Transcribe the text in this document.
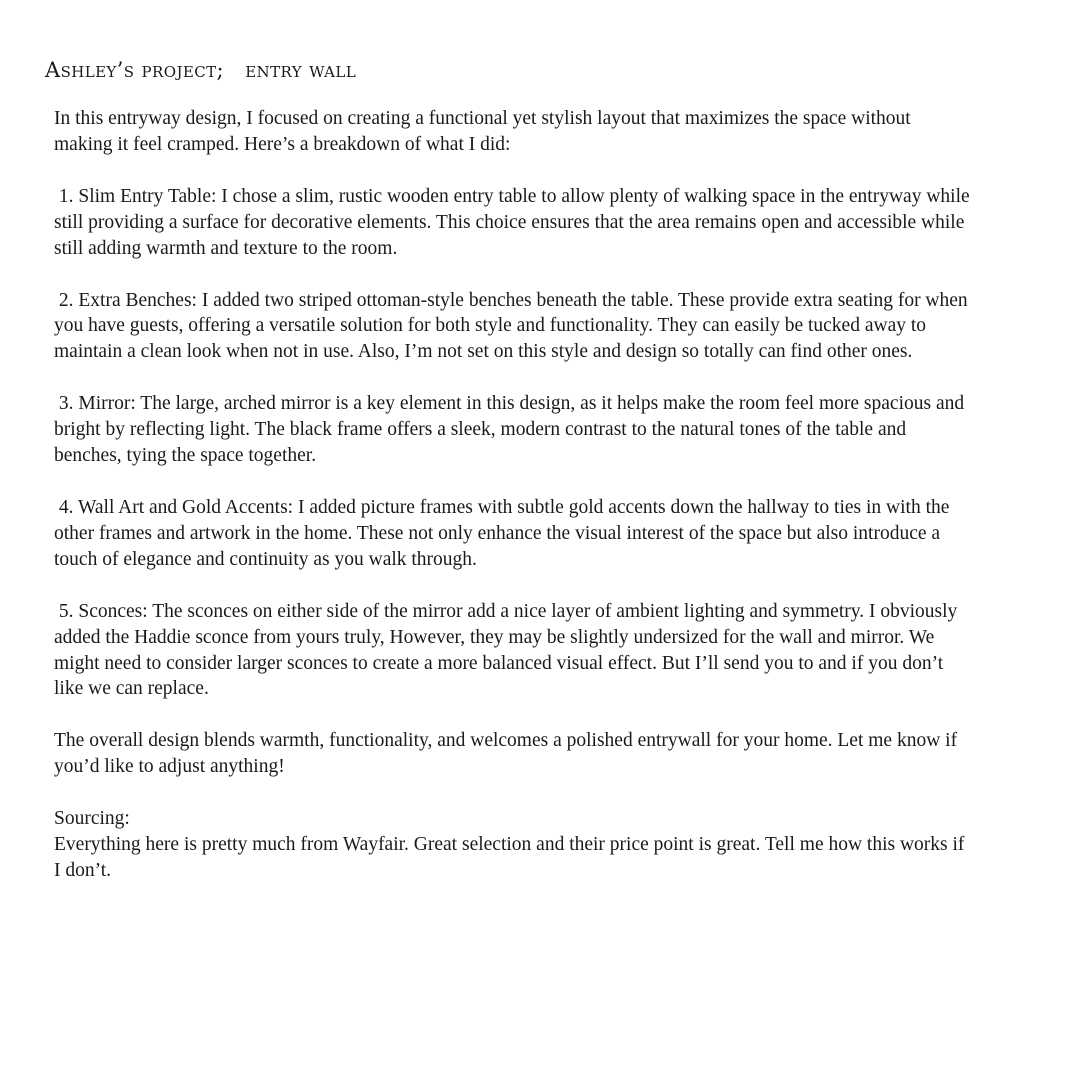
Ashley’s project;   entry wall

In this entryway design, I focused on creating a functional yet stylish layout that maximizes the space without making it feel cramped. Here’s a breakdown of what I did:

1. Slim Entry Table: I chose a slim, rustic wooden entry table to allow plenty of walking space in the entryway while still providing a surface for decorative elements. This choice ensures that the area remains open and accessible while still adding warmth and texture to the room.

2. Extra Benches: I added two striped ottoman-style benches beneath the table. These provide extra seating for when you have guests, offering a versatile solution for both style and functionality. They can easily be tucked away to maintain a clean look when not in use. Also, I’m not set on this style and design so totally can find other ones.

3. Mirror: The large, arched mirror is a key element in this design, as it helps make the room feel more spacious and bright by reflecting light. The black frame offers a sleek, modern contrast to the natural tones of the table and benches, tying the space together.

4. Wall Art and Gold Accents: I added picture frames with subtle gold accents down the hallway to ties in with the other frames and artwork in the home. These not only enhance the visual interest of the space but also introduce a touch of elegance and continuity as you walk through.

5. Sconces: The sconces on either side of the mirror add a nice layer of ambient lighting and symmetry. I obviously added the Haddie sconce from yours truly, However, they may be slightly undersized for the wall and mirror. We might need to consider larger sconces to create a more balanced visual effect. But I’ll send you to and if you don’t like we can replace.

The overall design blends warmth, functionality, and welcomes a polished entrywall for your home. Let me know if you’d like to adjust anything!

Sourcing:

Everything here is pretty much from Wayfair. Great selection and their price point is great. Tell me how this works if I don’t.
